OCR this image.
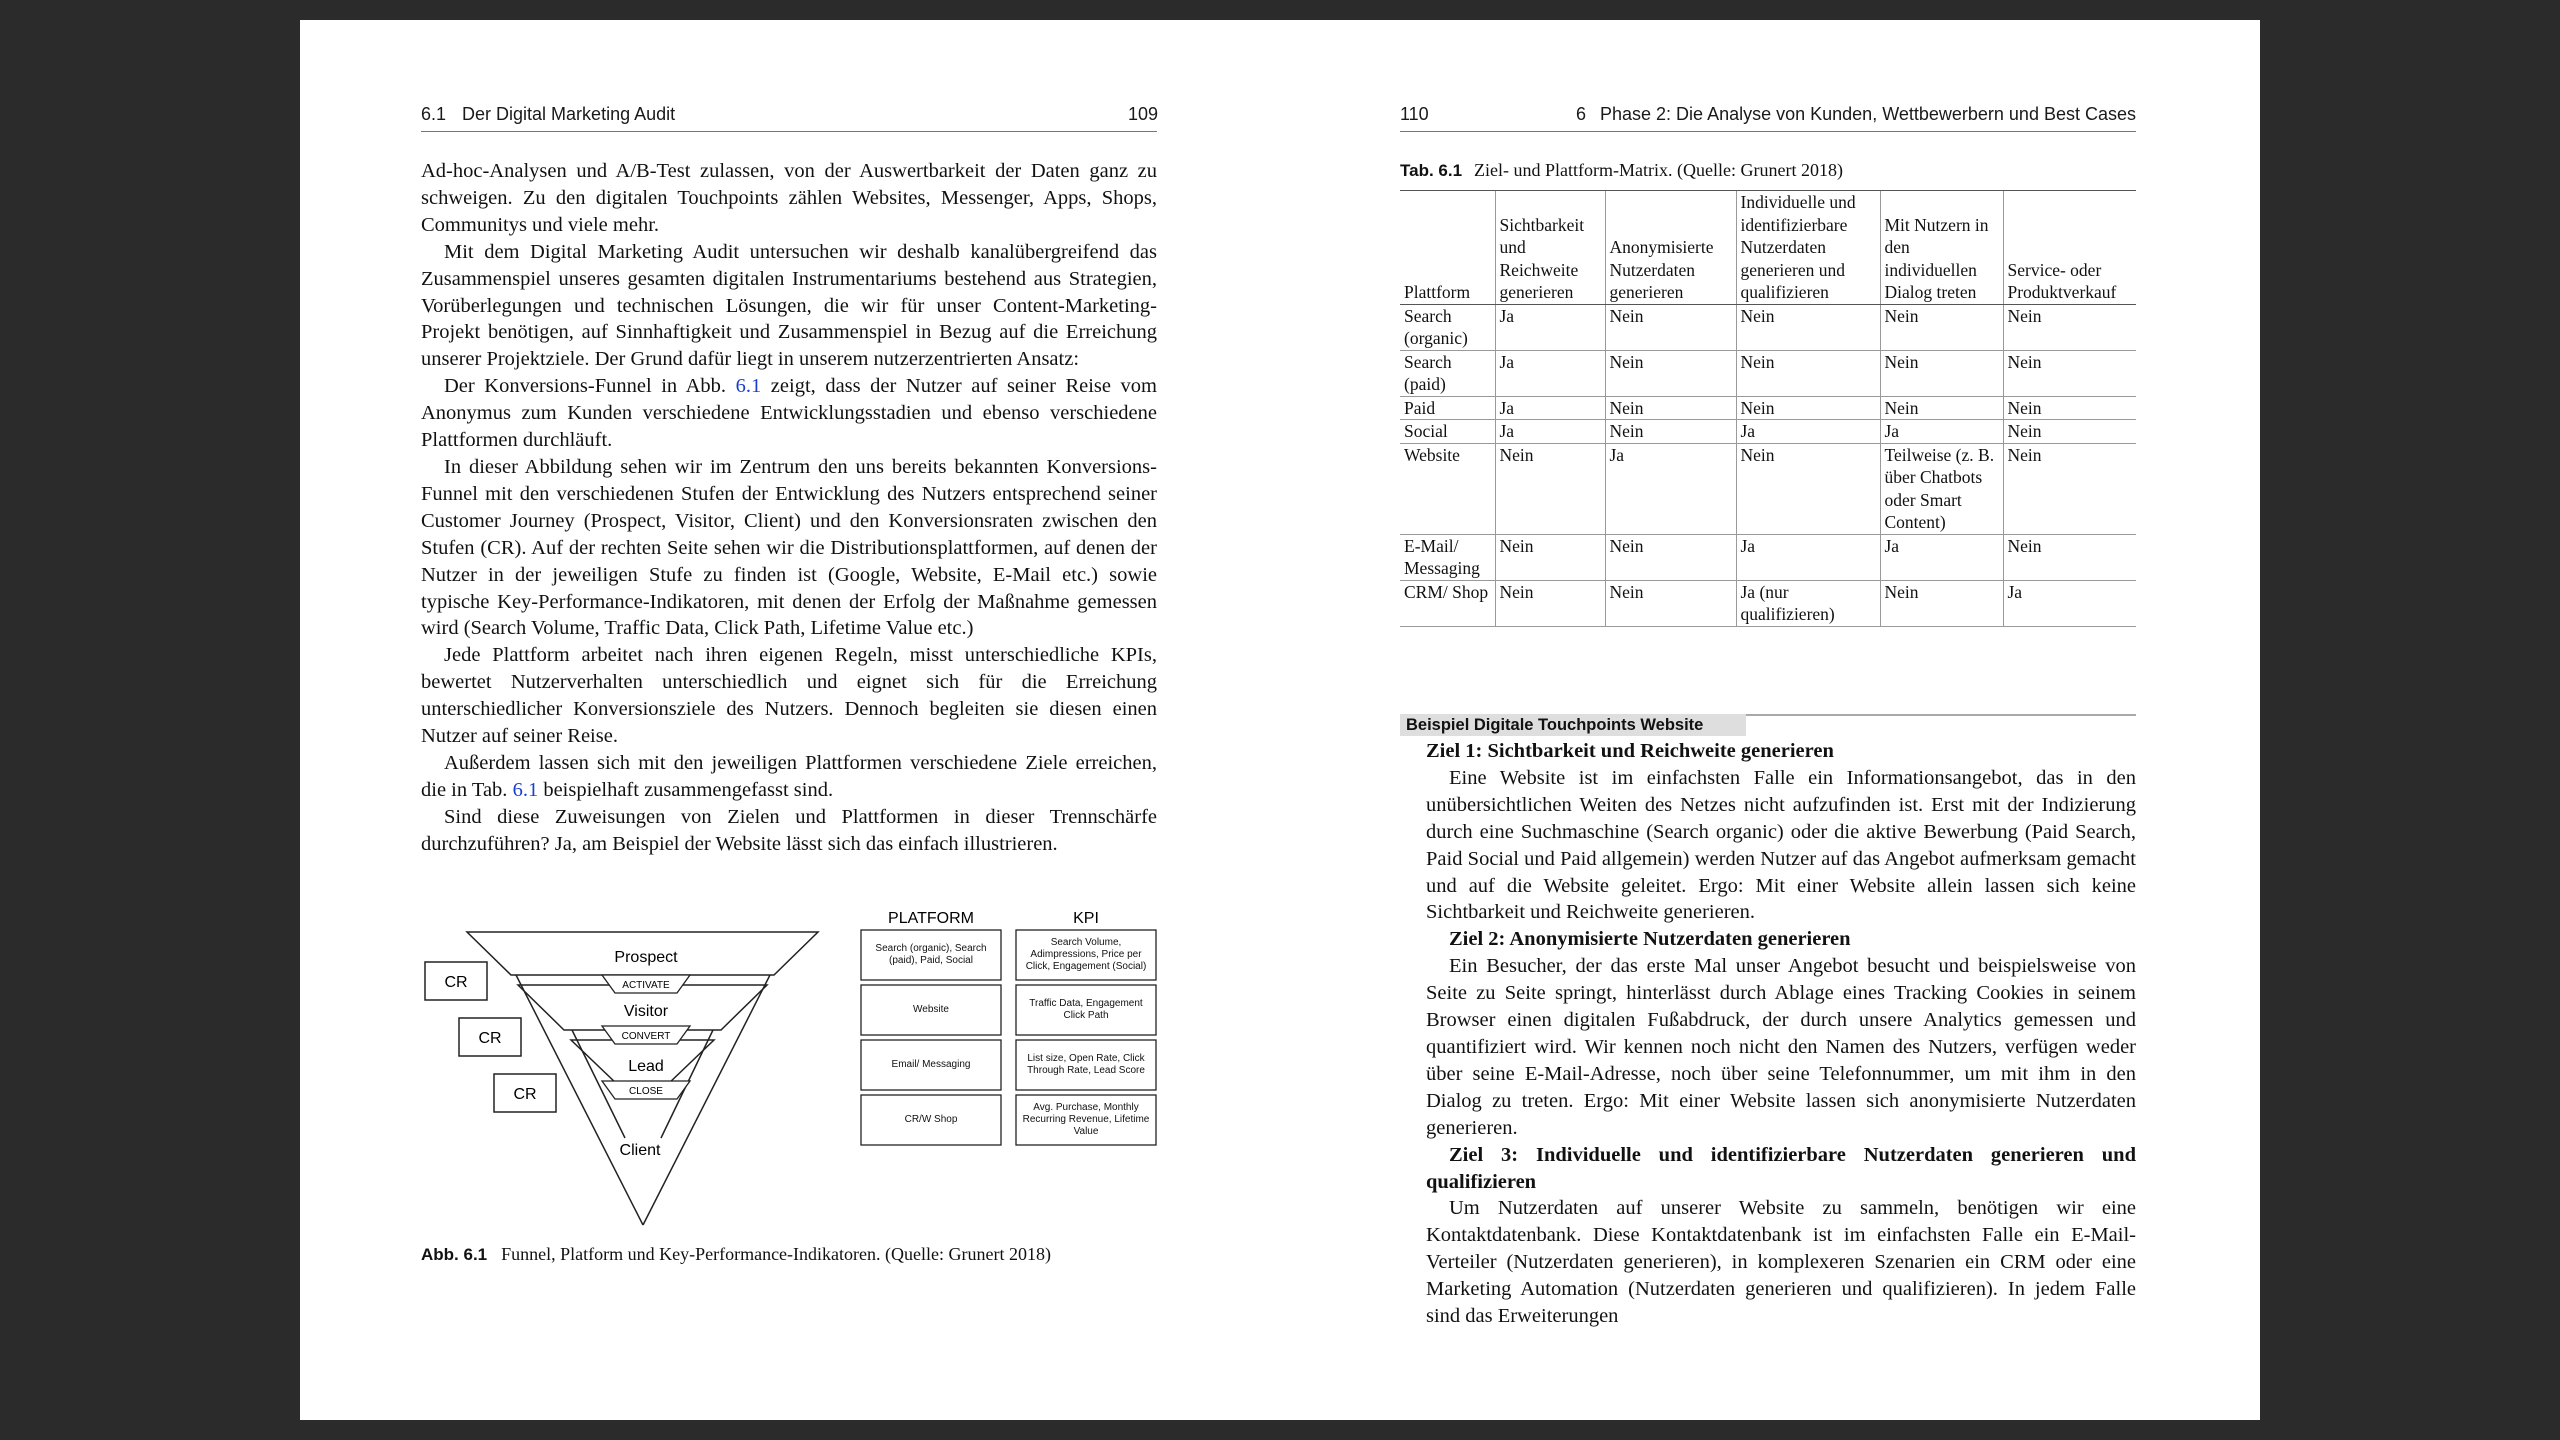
6.1 Der Digital Marketing Audit	109

Ad-hoc-Analysen und A/B-Test zulassen, von der Auswertbarkeit der Daten ganz zu schweigen. Zu den digitalen Touchpoints zählen Websites, Messenger, Apps, Shops, Communitys und viele mehr.

Mit dem Digital Marketing Audit untersuchen wir deshalb kanalübergreifend das Zusammenspiel unseres gesamten digitalen Instrumentariums bestehend aus Strategien, Vorüberlegungen und technischen Lösungen, die wir für unser Content-Marketing-Projekt benötigen, auf Sinnhaftigkeit und Zusammenspiel in Bezug auf die Erreichung unserer Projektziele. Der Grund dafür liegt in unserem nutzerzentrierten Ansatz:

Der Konversions-Funnel in Abb. 6.1 zeigt, dass der Nutzer auf seiner Reise vom Anonymus zum Kunden verschiedene Entwicklungsstadien und ebenso verschiedene Plattformen durchläuft.

In dieser Abbildung sehen wir im Zentrum den uns bereits bekannten Konversions-Funnel mit den verschiedenen Stufen der Entwicklung des Nutzers entsprechend seiner Customer Journey (Prospect, Visitor, Client) und den Konversionsraten zwischen den Stufen (CR). Auf der rechten Seite sehen wir die Distributionsplattformen, auf denen der Nutzer in der jeweiligen Stufe zu finden ist (Google, Website, E-Mail etc.) sowie typische Key-Performance-Indikatoren, mit denen der Erfolg der Maßnahme gemessen wird (Search Volume, Traffic Data, Click Path, Lifetime Value etc.)

Jede Plattform arbeitet nach ihren eigenen Regeln, misst unterschiedliche KPIs, bewertet Nutzerverhalten unterschiedlich und eignet sich für die Erreichung unterschiedlicher Konversionsziele des Nutzers. Dennoch begleiten sie diesen einen Nutzer auf seiner Reise.

Außerdem lassen sich mit den jeweiligen Plattformen verschiedene Ziele erreichen, die in Tab. 6.1 beispielhaft zusammengefasst sind.

Sind diese Zuweisungen von Zielen und Plattformen in dieser Trennschärfe durchzuführen? Ja, am Beispiel der Website lässt sich das einfach illustrieren.

ACTIVATE
CONVERT
CLOSE
Prospect
Visitor
Lead
Client
CR
CR
CR
PLATFORM	KPI
Search (organic), Search (paid), Paid, Social
Website
Email/ Messaging
CR/W Shop
Search Volume, Adimpressions, Price per Click, Engagement (Social)
Traffic Data, Engagement Click Path
List size, Open Rate, Click Through Rate, Lead Score
Avg. Purchase, Monthly Recurring Revenue, Lifetime Value
Abb. 6.1 Funnel, Platform und Key-Performance-Indikatoren. (Quelle: Grunert 2018)
110	6 Phase 2: Die Analyse von Kunden, Wettbewerbern und Best Cases
Tab. 6.1 Ziel- und Plattform-Matrix. (Quelle: Grunert 2018)
Plattform	Sichtbarkeit und Reichweite generieren	Anonymisierte Nutzerdaten generieren	Individuelle und identifizierbare Nutzerdaten generieren und qualifizieren	Mit Nutzern in den individuellen Dialog treten	Service- oder Produktverkauf
Search (organic)	Ja	Nein	Nein	Nein	Nein
Search (paid)	Ja	Nein	Nein	Nein	Nein
Paid	Ja	Nein	Nein	Nein	Nein
Social	Ja	Nein	Ja	Ja	Nein
Website	Nein	Ja	Nein	Teilweise (z. B. über Chatbots oder Smart Content)	Nein
E-Mail/ Messaging	Nein	Nein	Ja	Ja	Nein
CRM/ Shop	Nein	Nein	Ja (nur qualifizieren)	Nein	Ja
Beispiel Digitale Touchpoints Website

Ziel 1: Sichtbarkeit und Reichweite generieren

Eine Website ist im einfachsten Falle ein Informationsangebot, das in den unübersichtlichen Weiten des Netzes nicht aufzufinden ist. Erst mit der Indizierung durch eine Suchmaschine (Search organic) oder die aktive Bewerbung (Paid Search, Paid Social und Paid allgemein) werden Nutzer auf das Angebot aufmerksam gemacht und auf die Website geleitet. Ergo: Mit einer Website allein lassen sich keine Sichtbarkeit und Reichweite generieren.

Ziel 2: Anonymisierte Nutzerdaten generieren

Ein Besucher, der das erste Mal unser Angebot besucht und beispielsweise von Seite zu Seite springt, hinterlässt durch Ablage eines Tracking Cookies in seinem Browser einen digitalen Fußabdruck, der durch unsere Analytics gemessen und quantifiziert wird. Wir kennen noch nicht den Namen des Nutzers, verfügen weder über seine E-Mail-Adresse, noch über seine Telefonnummer, um mit ihm in den Dialog zu treten. Ergo: Mit einer Website lassen sich anonymisierte Nutzerdaten generieren.

Ziel 3: Individuelle und identifizierbare Nutzerdaten generieren und qualifizieren

Um Nutzerdaten auf unserer Website zu sammeln, benötigen wir eine Kontaktdatenbank. Diese Kontaktdatenbank ist im einfachsten Falle ein E-Mail-Verteiler (Nutzerdaten generieren), in komplexeren Szenarien ein CRM oder eine Marketing Automation (Nutzerdaten generieren und qualifizieren). In jedem Falle sind das Erweiterungen
